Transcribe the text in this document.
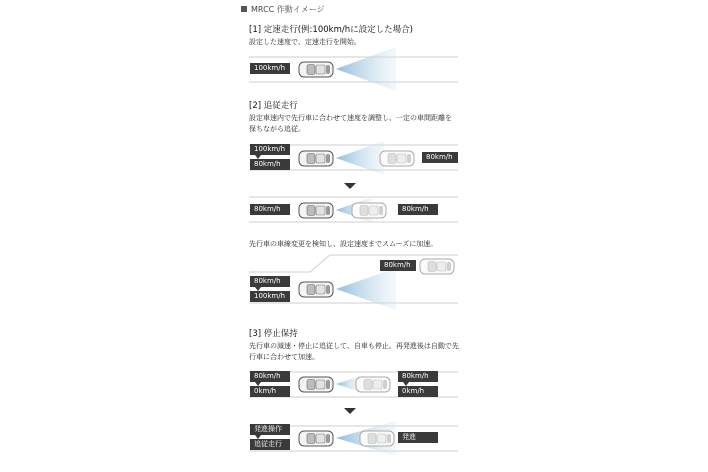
MRCC 作動イメージ
[1] 定速走行(例:100km/hに設定した場合)
設定した速度で、定速走行を開始。
[2] 追従走行
設定車速内で先行車に合わせて速度を調整し、一定の車間距離を
保ちながら追従。
先行車の車線変更を検知し、設定速度までスムーズに加速。
[3] 停止保持
先行車の減速・停止に追従して、自車も停止。再発進後は自動で先
行車に合わせて加速。
100km/h
100km/h
80km/h
80km/h
80km/h	80km/h
80km/h
80km/h
100km/h
80km/h
0km/h
80km/h
0km/h
発進操作
追従走行
発進
